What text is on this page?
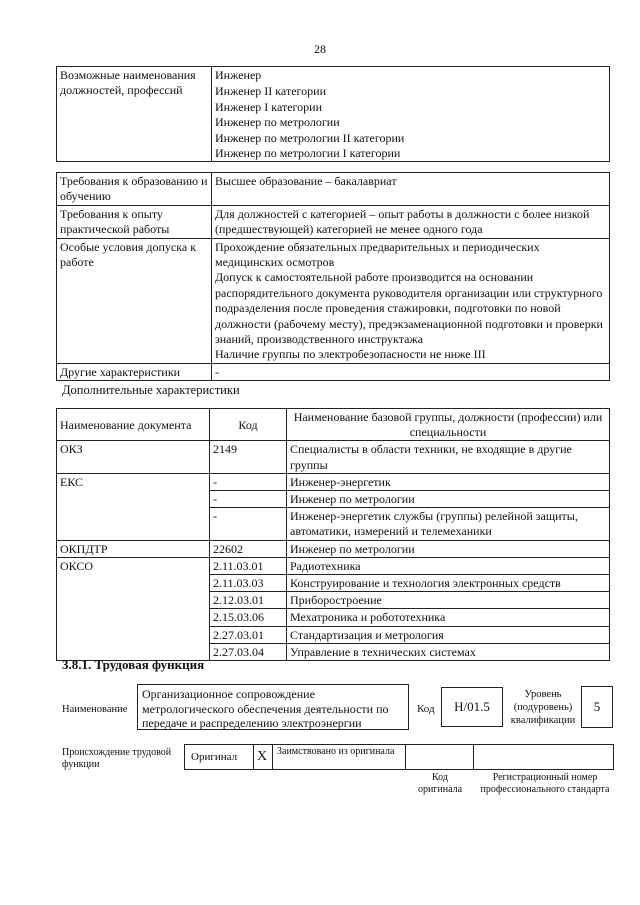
28
Возможные наименования должностей, профессий	
Инженер
Инженер II категории
Инженер I категории
Инженер по метрологии
Инженер по метрологии II категории
Инженер по метрологии I категории
Требования к образованию и обучению	Высшее образование – бакалавриат
Требования к опыту практической работы	Для должностей с категорией – опыт работы в должности с более низкой (предшествующей) категорией не менее одного года
Особые условия допуска к работе	Прохождение обязательных предварительных и периодических медицинских осмотров
Допуск к самостоятельной работе производится на основании распорядительного документа руководителя организации или структурного подразделения после проведения стажировки, подготовки по новой должности (рабочему месту), предэкзаменационной подготовки и проверки знаний, производственного инструктажа
Наличие группы по электробезопасности не ниже III

Другие характеристики	-
Дополнительные характеристики
Наименование документа	Код	Наименование базовой группы, должности (профессии) или специальности
ОКЗ	2149	Специалисты в области техники, не входящие в другие группы
ЕКС	-	Инженер-энергетик
	-	Инженер по метрологии
	-	Инженер-энергетик службы (группы) релейной защиты, автоматики, измерений и телемеханики
ОКПДТР	22602	Инженер по метрологии
ОКСО	2.11.03.01	Радиотехника
	2.11.03.03	Конструирование и технология электронных средств
	2.12.03.01	Приборостроение
	2.15.03.06	Мехатроника и робототехника
	2.27.03.01	Стандартизация и метрология
	2.27.03.04	Управление в технических системах
3.8.1. Трудовая функция
Наименование
Организационное сопровождение метрологического обеспечения деятельности по передаче и распределению электроэнергии
Код H/01.5
Уровень (подуровень) квалификации
5
Происхождение трудовой функции
Оригинал X Заимствовано из оригинала
Код оригинала
Регистрационный номер профессионального стандарта
